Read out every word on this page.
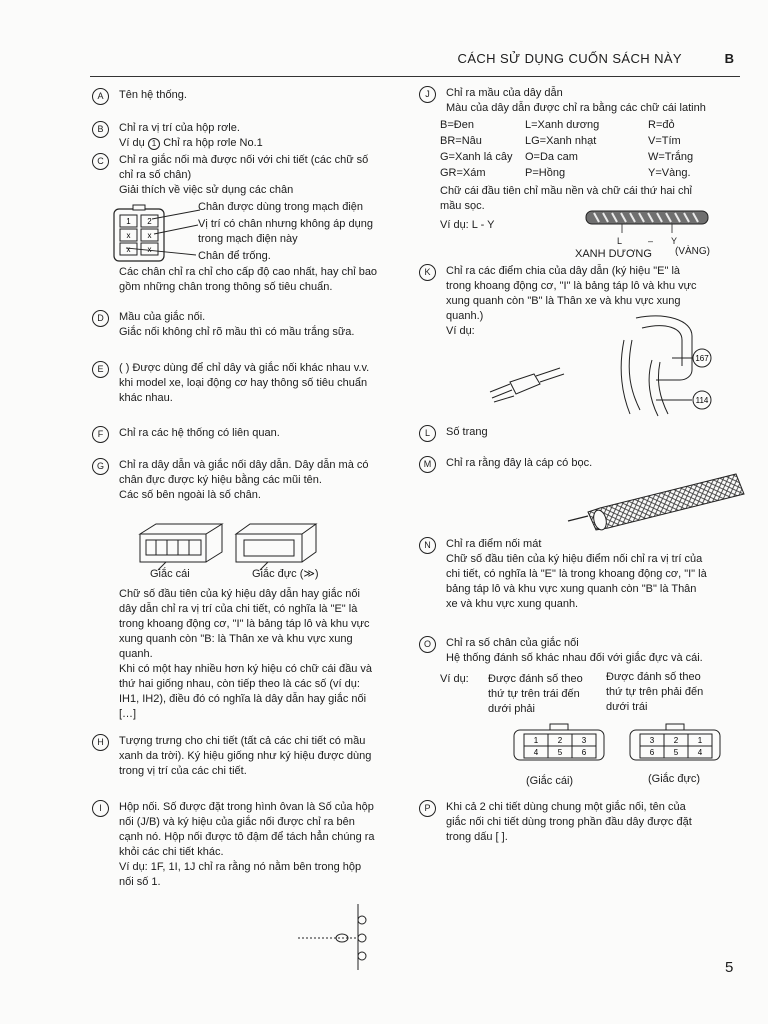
CÁCH SỬ DỤNG CUỐN SÁCH NÀY	B
A	Tên hệ thống.

B	Chỉ ra vị trí của hộp rơle.

Ví dụ 1 Chỉ ra hộp rơle No.1

C	Chỉ ra giắc nối mà được nối với chi tiết (các chữ số
chỉ ra số chân)
Giải thích về việc sử dụng các chân

1 2
x x
x x

Chân được dùng trong mạch điện

Vị trí có chân nhưng không áp dụng
trong mạch điện này

Chân để trống.

Các chân chỉ ra chỉ cho cấp độ cao nhất, hay chỉ bao
gồm những chân trong thông số tiêu chuẩn.

D	Mầu của giắc nối.
Giắc nối không chỉ rõ mầu thì có mầu trắng sữa.

E	( ) Được dùng để chỉ dây và giắc nối khác nhau v.v.
khi model xe, loại động cơ hay thông số tiêu chuẩn
khác nhau.

F	Chỉ ra các hệ thống có liên quan.

G	Chỉ ra dây dẫn và giắc nối dây dẫn. Dây dẫn mà có
chân đực được ký hiệu bằng các mũi tên.
Các số bên ngoài là số chân.

Giắc cái	Giắc đực (≫)

Chữ số đầu tiên của ký hiệu dây dẫn hay giắc nối
dây dẫn chỉ ra vị trí của chi tiết, có nghĩa là "E" là
trong khoang động cơ, "I" là bảng táp lô và khu vực
xung quanh còn "B: là Thân xe và khu vực xung
quanh.
Khi có một hay nhiều hơn ký hiệu có chữ cái đầu và
thứ hai giống nhau, còn tiếp theo là các số (ví dụ:
IH1, IH2), điều đó có nghĩa là dây dẫn hay giắc nối
[…]

H	Tượng trưng cho chi tiết (tất cả các chi tiết có mầu
xanh da trời). Ký hiệu giống như ký hiệu được dùng
trong vị trí của các chi tiết.

I	Hộp nối. Số được đặt trong hình ôvan là Số của hộp
nối (J/B) và ký hiệu của giắc nối được chỉ ra bên
cạnh nó. Hộp nối được tô đậm để tách hẳn chúng ra
khỏi các chi tiết khác.
Ví dụ: 1F, 1I, 1J chỉ ra rằng nó nằm bên trong hộp
nối số 1.

J	Chỉ ra mầu của dây dẫn

Màu của dây dẫn được chỉ ra bằng các chữ cái latinh

B=Đen	L=Xanh dương	R=đỏ
BR=Nâu	LG=Xanh nhạt	V=Tím
G=Xanh lá cây O=Da cam	W=Trắng
GR=Xám	P=Hồng	Y=Vàng.

Chữ cái đầu tiên chỉ mầu nền và chữ cái thứ hai chỉ
mầu sọc.

Ví dụ: L - Y
L	– Y
XANH DƯƠNG (VÀNG)
K	Chỉ ra các điểm chia của dây dẫn (ký hiệu "E" là
trong khoang động cơ, "I" là bảng táp lô và khu vực
xung quanh còn "B" là Thân xe và khu vực xung
quanh.)
Ví dụ:

167
114
L	Số trang

M	Chỉ ra rằng đây là cáp có bọc.

N	Chỉ ra điểm nối mát
Chữ số đầu tiên của ký hiệu điểm nối chỉ ra vị trí của
chi tiết, có nghĩa là "E" là trong khoang động cơ, "I" là
bảng táp lô và khu vực xung quanh còn "B" là Thân
xe và khu vực xung quanh.

O	Chỉ ra số chân của giắc nối

Hệ thống đánh số khác nhau đối với giắc đực và cái.

Ví dụ: Được đánh số theo
thứ tự trên trái đến
dưới phải

Được đánh số theo
thứ tự trên phải đến
dưới trái

1 2 3
4 5 6
3 2 1
6 5 4
(Giắc cái)	(Giắc đực)
P	Khi cả 2 chi tiết dùng chung một giắc nối, tên của
giắc nối chi tiết dùng trong phần đầu dây được đặt
trong dấu [ ].

5
